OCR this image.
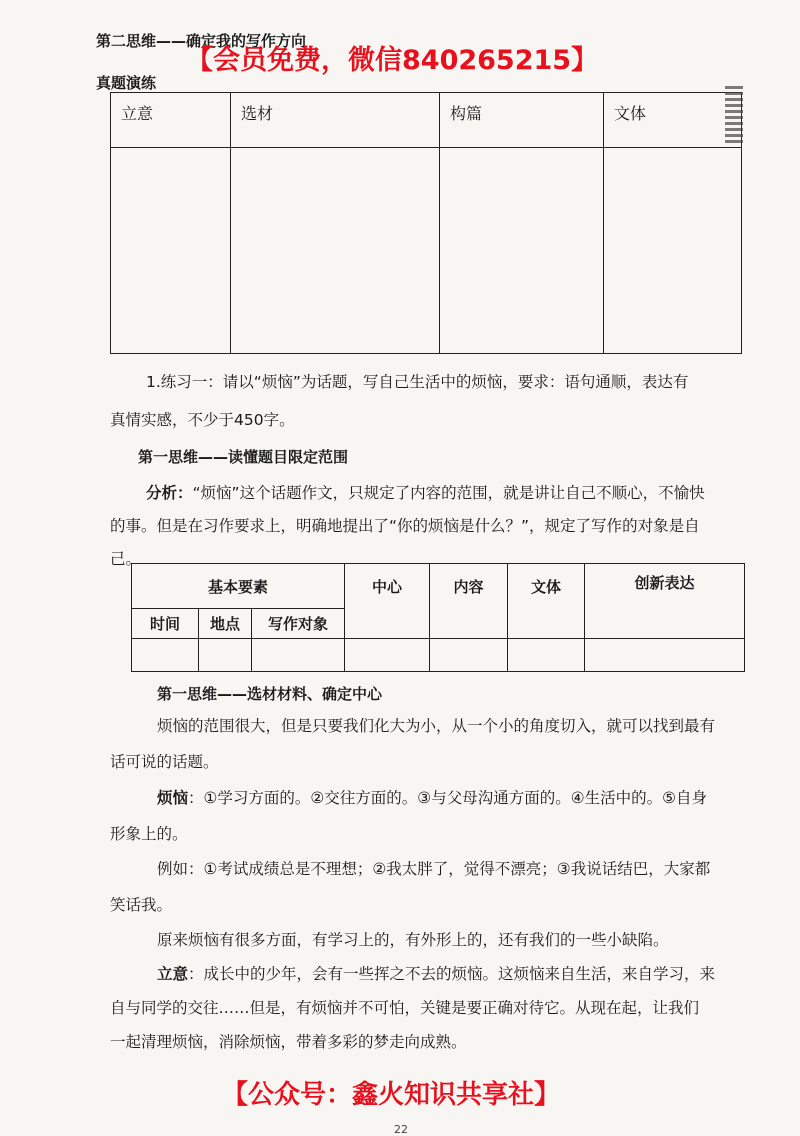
第二思维——确定我的写作方向
【会员免费，微信840265215】
真题演练
立意	选材	构篇	文体

1.练习一：请以“烦恼”为话题，写自己生活中的烦恼，要求：语句通顺，表达有
真情实感，不少于450字。
第一思维——读懂题目限定范围
分析：“烦恼”这个话题作文，只规定了内容的范围，就是讲让自己不顺心，不愉快
的事。但是在习作要求上，明确地提出了“你的烦恼是什么？”，规定了写作的对象是自
己。
基本要素			中心	内容	文体	创新表达
时间	地点	写作对象				

第一思维——选材材料、确定中心
烦恼的范围很大，但是只要我们化大为小，从一个小的角度切入，就可以找到最有
话可说的话题。
烦恼：①学习方面的。②交往方面的。③与父母沟通方面的。④生活中的。⑤自身
形象上的。
例如：①考试成绩总是不理想；②我太胖了，觉得不漂亮；③我说话结巴，大家都
笑话我。
原来烦恼有很多方面，有学习上的，有外形上的，还有我们的一些小缺陷。
立意：成长中的少年，会有一些挥之不去的烦恼。这烦恼来自生活，来自学习，来
自与同学的交往……但是，有烦恼并不可怕，关键是要正确对待它。从现在起，让我们
一起清理烦恼，消除烦恼，带着多彩的梦走向成熟。
【公众号：鑫火知识共享社】
22
